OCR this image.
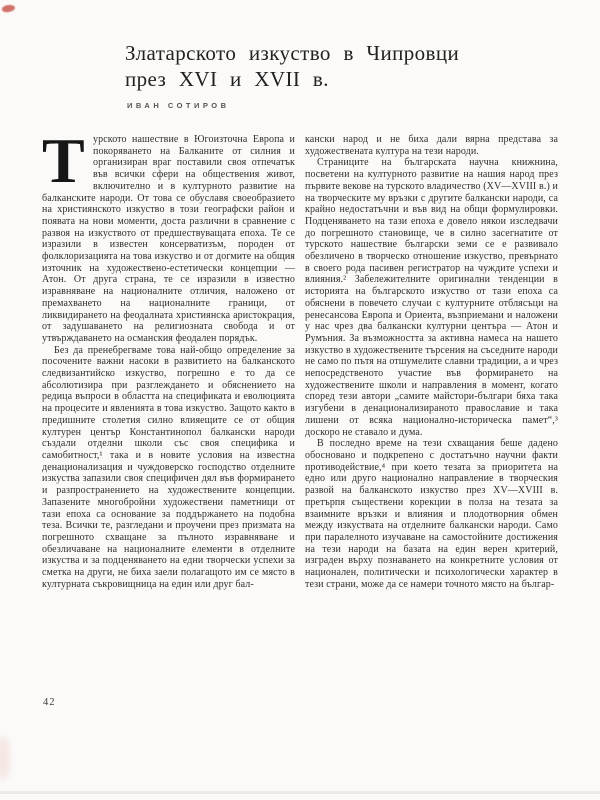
Златарското изкуство в Чипровци
през XVI и XVII в.
ИВАН СОТИРОВ

Турското нашествие в Югоизточна Европа и покоряването на Балканите от силния и организиран враг поставили своя отпечатък във всички сфери на обществения живот, включително и в културното развитие на балканските народи. От това се обуславя своеобразието на християнското изкуство в този географски район и появата на нови моменти, доста различни в сравнение с развоя на изкуството от предшествуващата епоха. Те се изразили в известен консерватизъм, породен от фолклоризацията на това изкуство и от догмите на общия източник на художествено-естетически концепции — Атон. От друга страна, те се изразили в известно изравняване на националните отличия, наложено от премахването на националните граници, от ликвидирането на феодалната християнска аристокрация, от задушаването на религиозната свобода и от утвърждаването на османския феодален порядък.

Без да пренебрегваме това най-общо определение за посочените важни насоки в развитието на балканското следвизантийско изкуство, погрешно е то да се абсолютизира при разглеждането и обяснението на редица въпроси в областта на спецификата и еволюцията на процесите и явленията в това изкуство. Защото както в предишните столетия силно влияещите се от общия културен център Константинопол балкански народи създали отделни школи със своя специфика и самобитност,¹ така и в новите условия на известна денационализация и чуждоверско господство отделните изкуства запазили своя специфичен дял във формирането и разпространението на художествените концепции. Запазените многобройни художествени паметници от тази епоха са основание за поддържането на подобна теза. Всички те, разгледани и проучени през призмата на погрешното схващане за пълното изравняване и обезличаване на националните елементи в отделните изкуства и за подценяването на едни творчески успехи за сметка на други, не биха заели полагащото им се място в културната съкровищница на един или друг бал-

кански народ и не биха дали вярна представа за художествената култура на тези народи.

Страниците на българската научна книжнина, посветени на културното развитие на нашия народ през първите векове на турското владичество (XV—XVIII в.) и на творческите му връзки с другите балкански народи, са крайно недостатъчни и във вид на общи формулировки. Подценяването на тази епоха е довело някои изследвачи до погрешното становище, че в силно засегнатите от турското нашествие български земи се е развивало обезличено в творческо отношение изкуство, превърнато в своего рода пасивен регистратор на чуждите успехи и влияния.² Забележителните оригинални тенденции в историята на българското изкуство от тази епоха са обяснени в повечето случаи с културните отблясъци на ренесансова Европа и Ориента, възприемани и наложени у нас чрез два балкански културни центъра — Атон и Румъния. За възможността за активна намеса на нашето изкуство в художествените търсения на съседните народи не само по пътя на отшумелите славни традиции, а и чрез непосредственото участие във формирането на художествените школи и направления в момент, когато според тези автори „самите майстори-българи бяха така изгубени в денационализираното православие и така лишени от всяка национално-историческа памет“,³ доскоро не ставало и дума.

В последно време на тези схващания беше дадено обосновано и подкрепено с достатъчно научни факти противодействие,⁴ при което тезата за приоритета на едно или друго национално направление в творческия развой на балканското изкуство през XV—XVIII в. претърпя съществени корекции в полза на тезата за взаимните връзки и влияния и плодотворния обмен между изкуствата на отделните балкански народи. Само при паралелното изучаване на самостойните достижения на тези народи на базата на един верен критерий, изграден върху познаването на конкретните условия от национален, политически и психологически характер в тези страни, може да се намери точното място на българ-

42
